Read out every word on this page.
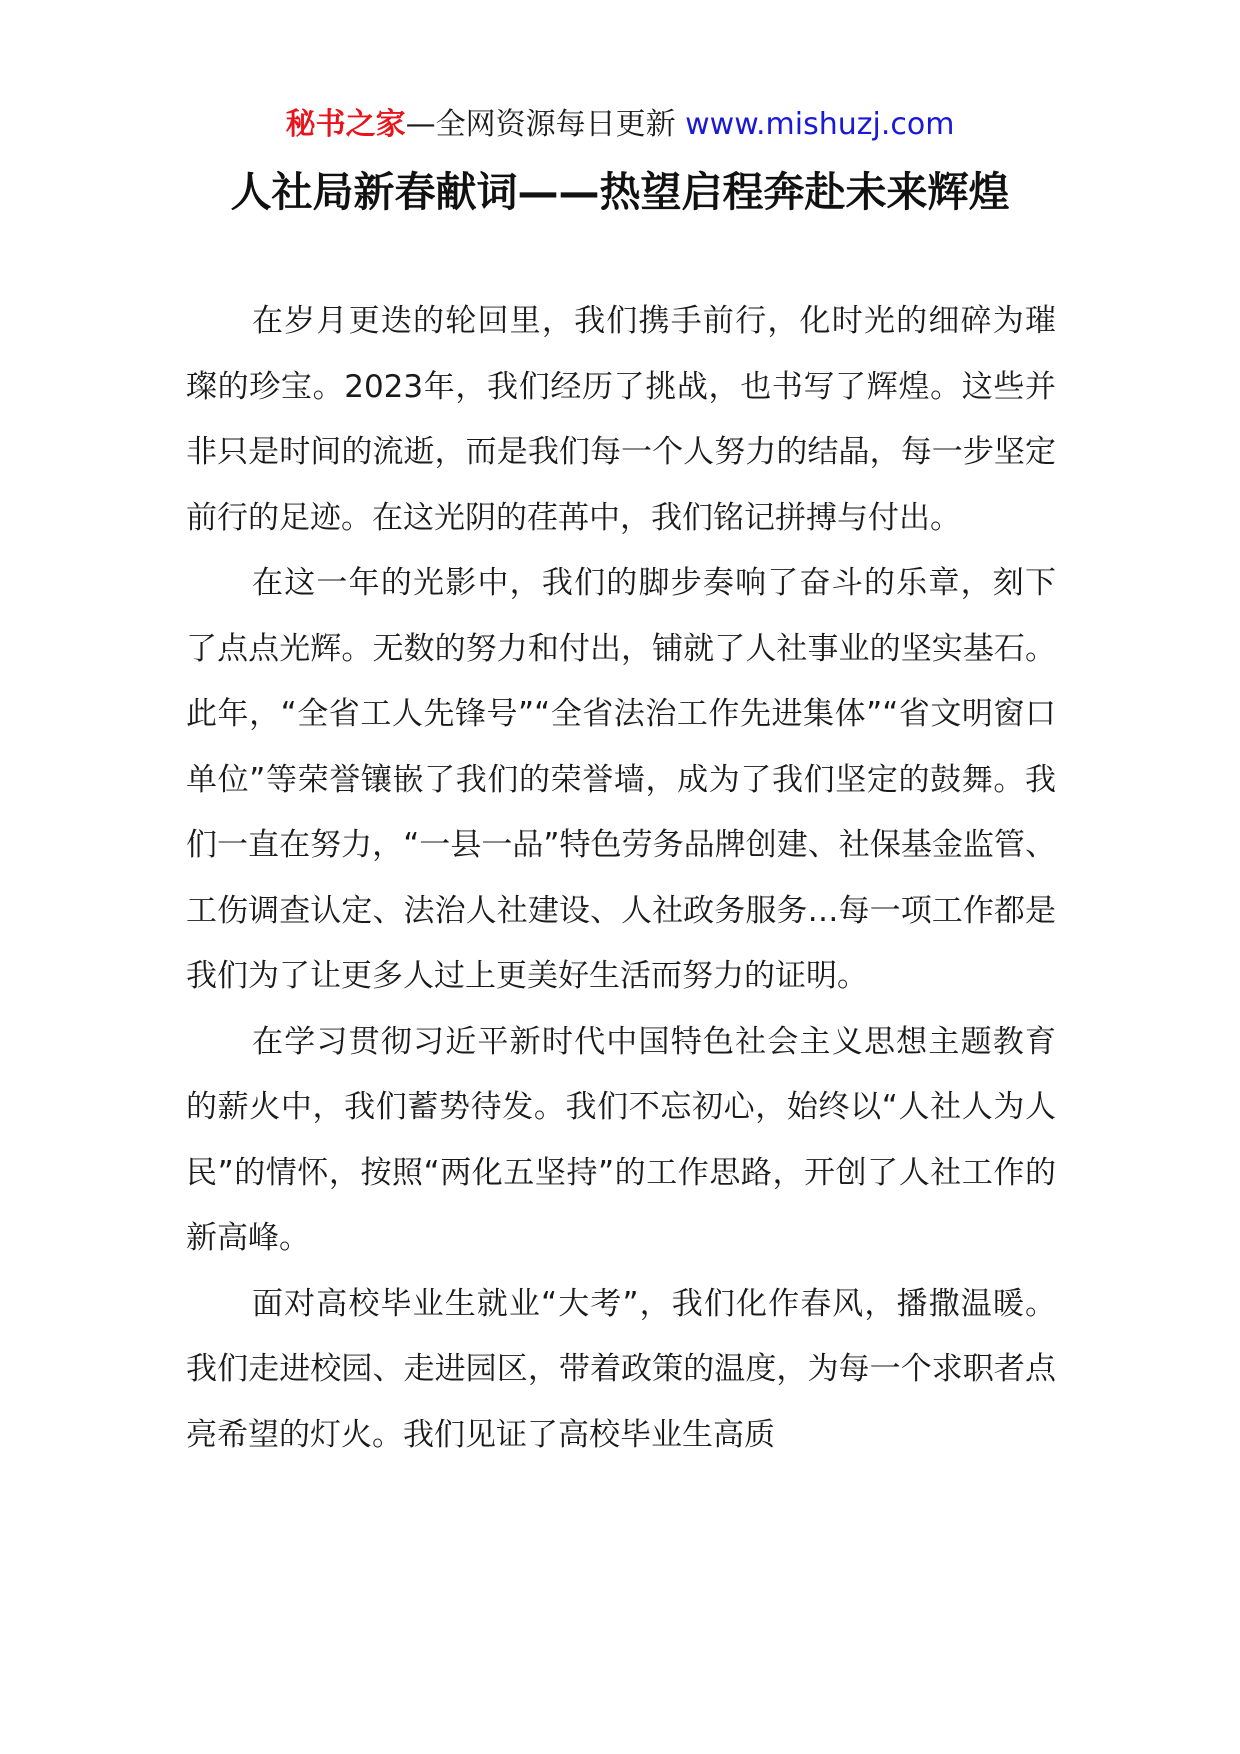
秘书之家—全网资源每日更新 www.mishuzj.com
人社局新春献词——热望启程奔赴未来辉煌

在岁月更迭的轮回里，我们携手前行，化时光的细碎为璀璨的珍宝。2023年，我们经历了挑战，也书写了辉煌。这些并非只是时间的流逝，而是我们每一个人努力的结晶，每一步坚定前行的足迹。在这光阴的荏苒中，我们铭记拼搏与付出。

在这一年的光影中，我们的脚步奏响了奋斗的乐章，刻下了点点光辉。无数的努力和付出，铺就了人社事业的坚实基石。此年，“全省工人先锋号”“全省法治工作先进集体”“省文明窗口单位”等荣誉镶嵌了我们的荣誉墙，成为了我们坚定的鼓舞。我们一直在努力，“一县一品”特色劳务品牌创建、社保基金监管、工伤调查认定、法治人社建设、人社政务服务…每一项工作都是我们为了让更多人过上更美好生活而努力的证明。

在学习贯彻习近平新时代中国特色社会主义思想主题教育的薪火中，我们蓄势待发。我们不忘初心，始终以“人社人为人民”的情怀，按照“两化五坚持”的工作思路，开创了人社工作的新高峰。

面对高校毕业生就业“大考”，我们化作春风，播撒温暖。我们走进校园、走进园区，带着政策的温度，为每一个求职者点亮希望的灯火。我们见证了高校毕业生高质
